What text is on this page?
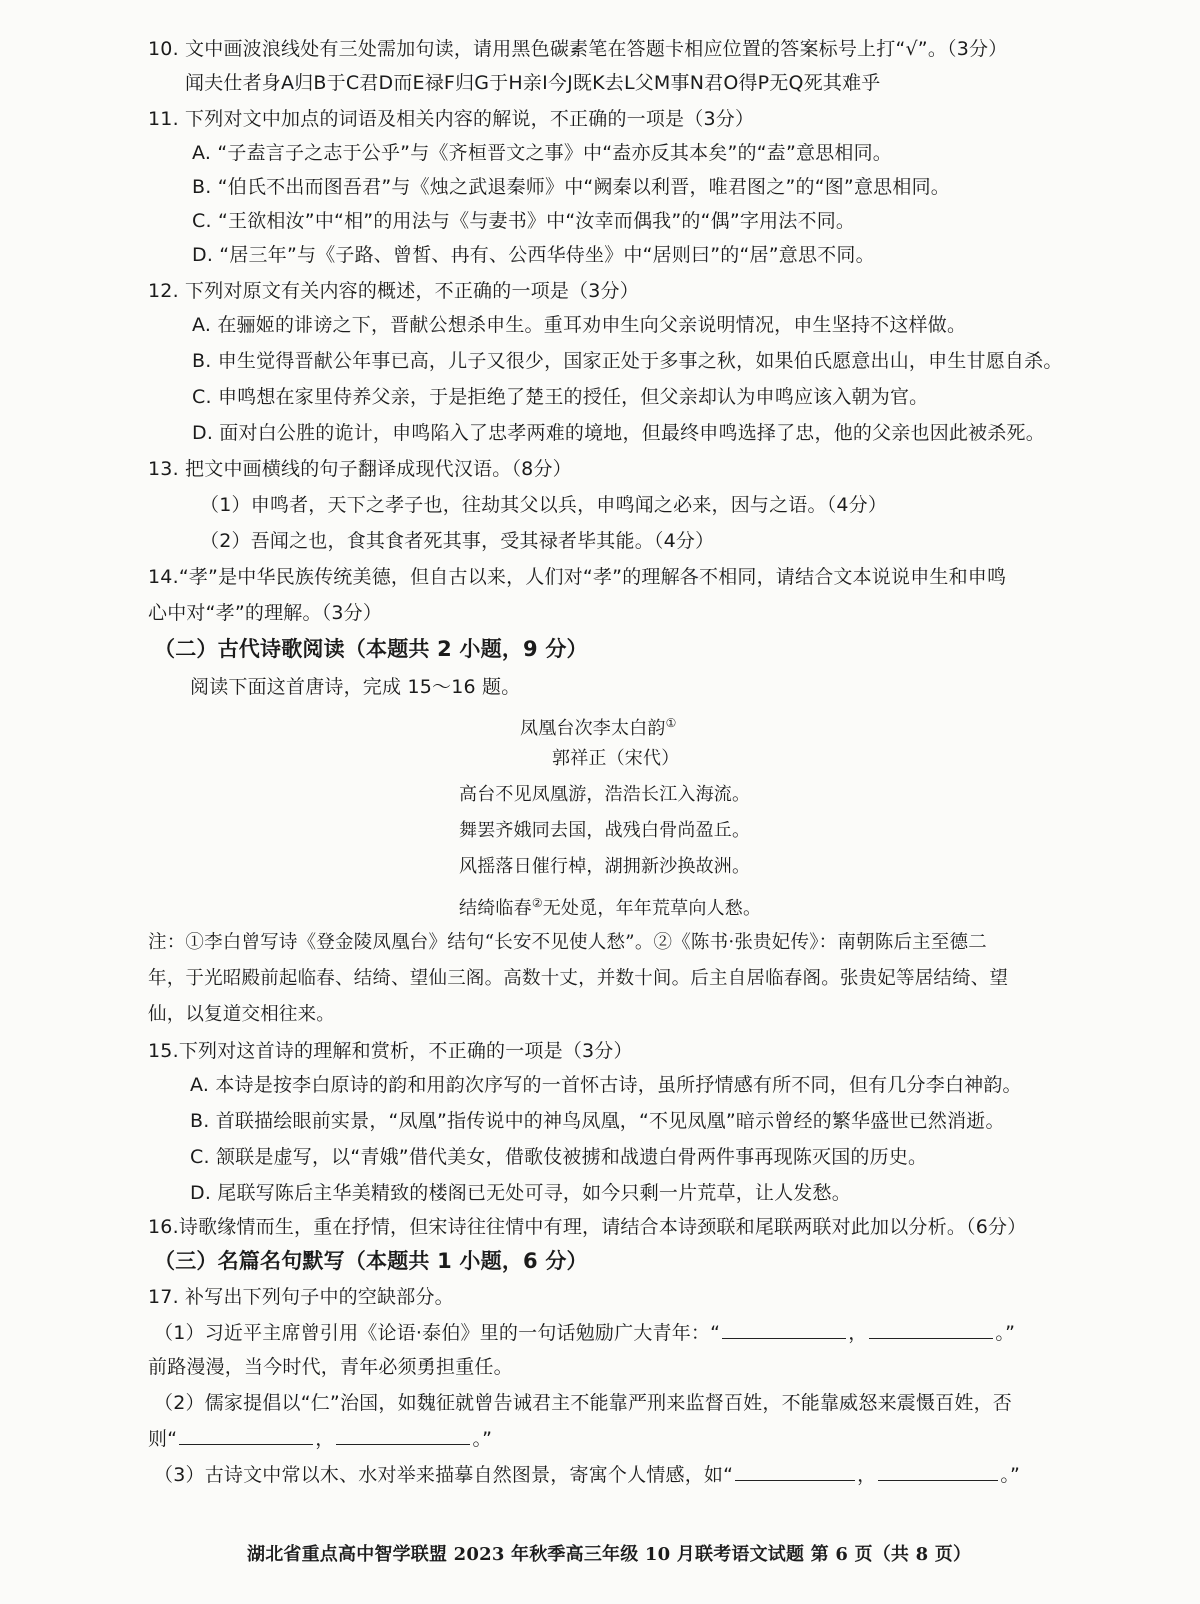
10. 文中画波浪线处有三处需加句读，请用黑色碳素笔在答题卡相应位置的答案标号上打“√”。（3分）
闻夫仕者身A归B于C君D而E禄F归G于H亲I今J既K去L父M事N君O得P无Q死其难乎
11. 下列对文中加点的词语及相关内容的解说，不正确的一项是（3分）
A. “子盍言子之志于公乎”与《齐桓晋文之事》中“盍亦反其本矣”的“盍”意思相同。
B. “伯氏不出而图吾君”与《烛之武退秦师》中“阙秦以利晋，唯君图之”的“图”意思相同。
C. “王欲相汝”中“相”的用法与《与妻书》中“汝幸而偶我”的“偶”字用法不同。
D. “居三年”与《子路、曾皙、冉有、公西华侍坐》中“居则曰”的“居”意思不同。
12. 下列对原文有关内容的概述，不正确的一项是（3分）
A. 在骊姬的诽谤之下，晋献公想杀申生。重耳劝申生向父亲说明情况，申生坚持不这样做。
B. 申生觉得晋献公年事已高，儿子又很少，国家正处于多事之秋，如果伯氏愿意出山，申生甘愿自杀。
C. 申鸣想在家里侍养父亲，于是拒绝了楚王的授任，但父亲却认为申鸣应该入朝为官。
D. 面对白公胜的诡计，申鸣陷入了忠孝两难的境地，但最终申鸣选择了忠，他的父亲也因此被杀死。
13. 把文中画横线的句子翻译成现代汉语。（8分）
（1）申鸣者，天下之孝子也，往劫其父以兵，申鸣闻之必来，因与之语。（4分）
（2）吾闻之也，食其食者死其事，受其禄者毕其能。（4分）
14.“孝”是中华民族传统美德，但自古以来，人们对“孝”的理解各不相同，请结合文本说说申生和申鸣
心中对“孝”的理解。（3分）
（二）古代诗歌阅读（本题共 2 小题，9 分）
阅读下面这首唐诗，完成 15～16 题。
凤凰台次李太白韵①
郭祥正（宋代）
高台不见凤凰游，浩浩长江入海流。
舞罢齐娥同去国，战残白骨尚盈丘。
风摇落日催行棹，湖拥新沙换故洲。
结绮临春②无处觅，年年荒草向人愁。
注：①李白曾写诗《登金陵凤凰台》结句“长安不见使人愁”。②《陈书·张贵妃传》：南朝陈后主至德二
年，于光昭殿前起临春、结绮、望仙三阁。高数十丈，并数十间。后主自居临春阁。张贵妃等居结绮、望
仙，以复道交相往来。
15.下列对这首诗的理解和赏析，不正确的一项是（3分）
A. 本诗是按李白原诗的韵和用韵次序写的一首怀古诗，虽所抒情感有所不同，但有几分李白神韵。
B. 首联描绘眼前实景，“凤凰”指传说中的神鸟凤凰，“不见凤凰”暗示曾经的繁华盛世已然消逝。
C. 颔联是虚写，以“青娥”借代美女，借歌伎被掳和战遗白骨两件事再现陈灭国的历史。
D. 尾联写陈后主华美精致的楼阁已无处可寻，如今只剩一片荒草，让人发愁。
16.诗歌缘情而生，重在抒情，但宋诗往往情中有理，请结合本诗颈联和尾联两联对此加以分析。（6分）
（三）名篇名句默写（本题共 1 小题，6 分）
17. 补写出下列句子中的空缺部分。
（1）习近平主席曾引用《论语·泰伯》里的一句话勉励广大青年：“	，	。”
前路漫漫，当今时代，青年必须勇担重任。
（2）儒家提倡以“仁”治国，如魏征就曾告诫君主不能靠严刑来监督百姓，不能靠威怒来震慑百姓，否
则“	，	。”
（3）古诗文中常以木、水对举来描摹自然图景，寄寓个人情感，如“	，	。”
湖北省重点高中智学联盟 2023 年秋季高三年级 10 月联考语文试题 第 6 页（共 8 页）
